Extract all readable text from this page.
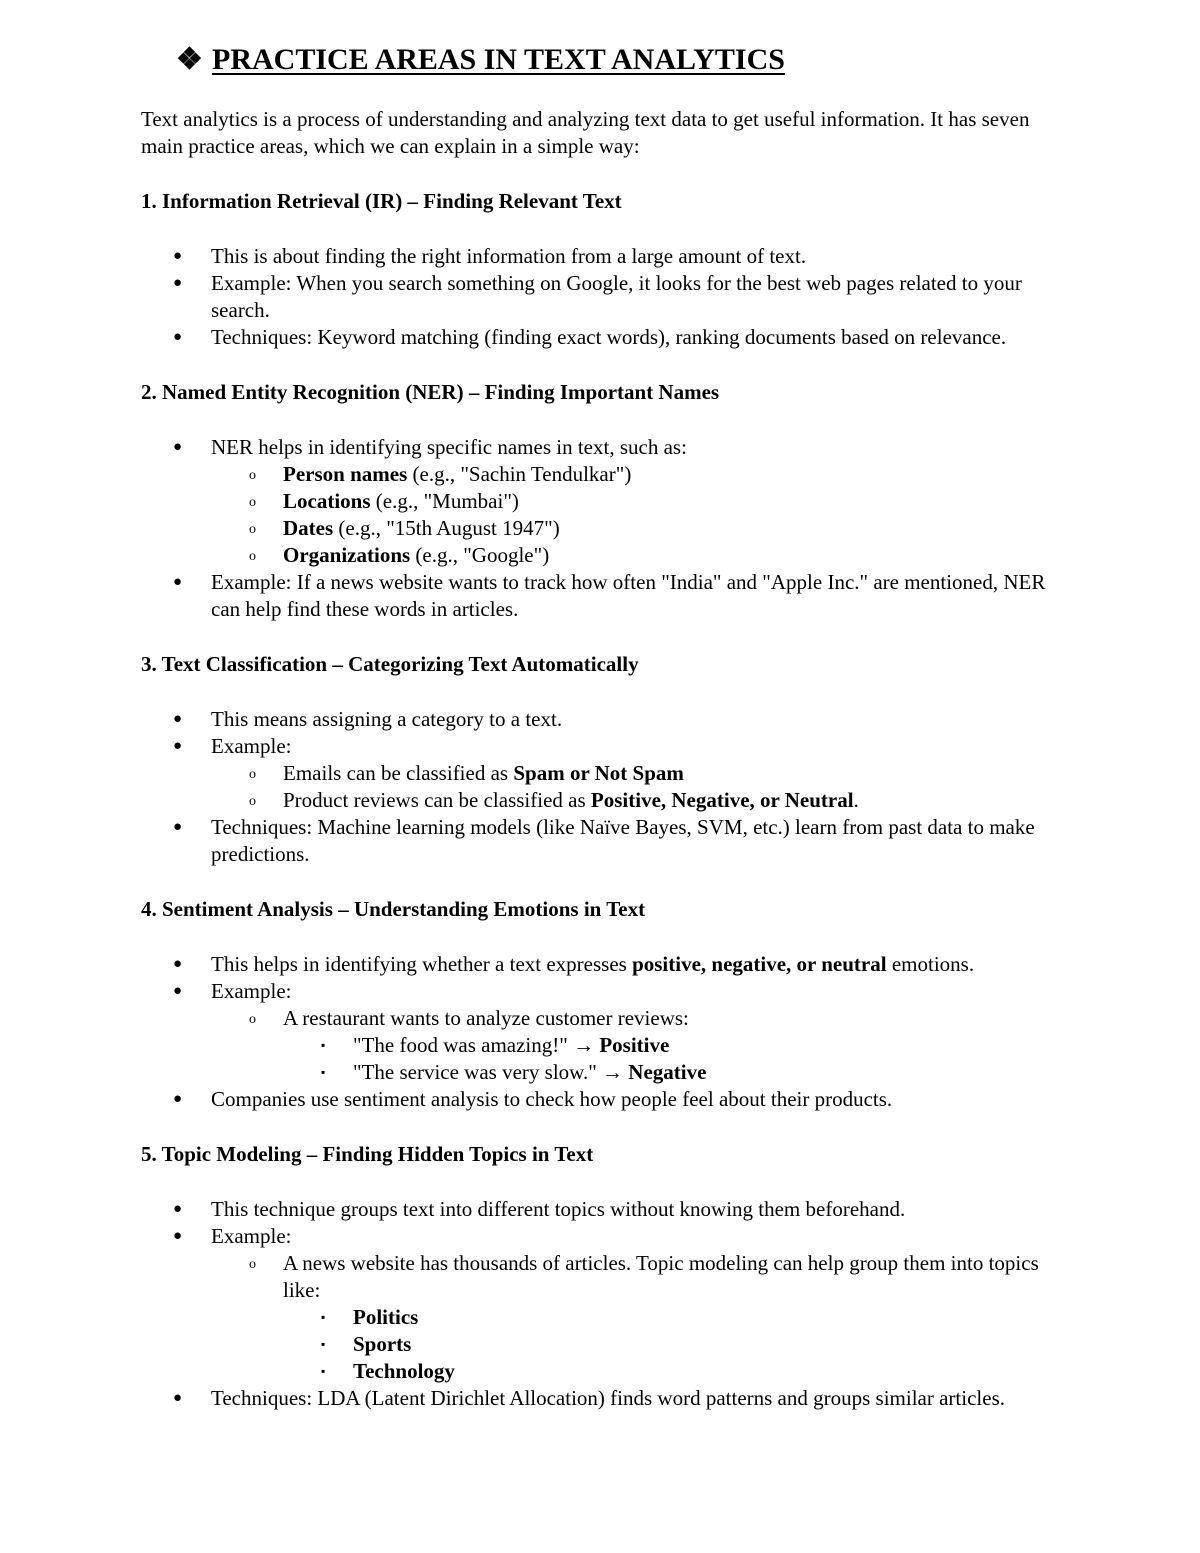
❖ PRACTICE AREAS IN TEXT ANALYTICS

Text analytics is a process of understanding and analyzing text data to get useful information. It has seven main practice areas, which we can explain in a simple way:

1. Information Retrieval (IR) – Finding Relevant Text

● This is about finding the right information from a large amount of text.
● Example: When you search something on Google, it looks for the best web pages related to your search.
● Techniques: Keyword matching (finding exact words), ranking documents based on relevance.

2. Named Entity Recognition (NER) – Finding Important Names

● NER helps in identifying specific names in text, such as:
o Person names (e.g., "Sachin Tendulkar")
o Locations (e.g., "Mumbai")
o Dates (e.g., "15th August 1947")
o Organizations (e.g., "Google")
● Example: If a news website wants to track how often "India" and "Apple Inc." are mentioned, NER can help find these words in articles.

3. Text Classification – Categorizing Text Automatically

● This means assigning a category to a text.
● Example:
o Emails can be classified as Spam or Not Spam
o Product reviews can be classified as Positive, Negative, or Neutral.
● Techniques: Machine learning models (like Naïve Bayes, SVM, etc.) learn from past data to make predictions.

4. Sentiment Analysis – Understanding Emotions in Text

● This helps in identifying whether a text expresses positive, negative, or neutral emotions.
● Example:
o A restaurant wants to analyze customer reviews:
▪ "The food was amazing!" → Positive
▪ "The service was very slow." → Negative
● Companies use sentiment analysis to check how people feel about their products.

5. Topic Modeling – Finding Hidden Topics in Text

● This technique groups text into different topics without knowing them beforehand.
● Example:
o A news website has thousands of articles. Topic modeling can help group them into topics like:
▪ Politics
▪ Sports
▪ Technology
● Techniques: LDA (Latent Dirichlet Allocation) finds word patterns and groups similar articles.
